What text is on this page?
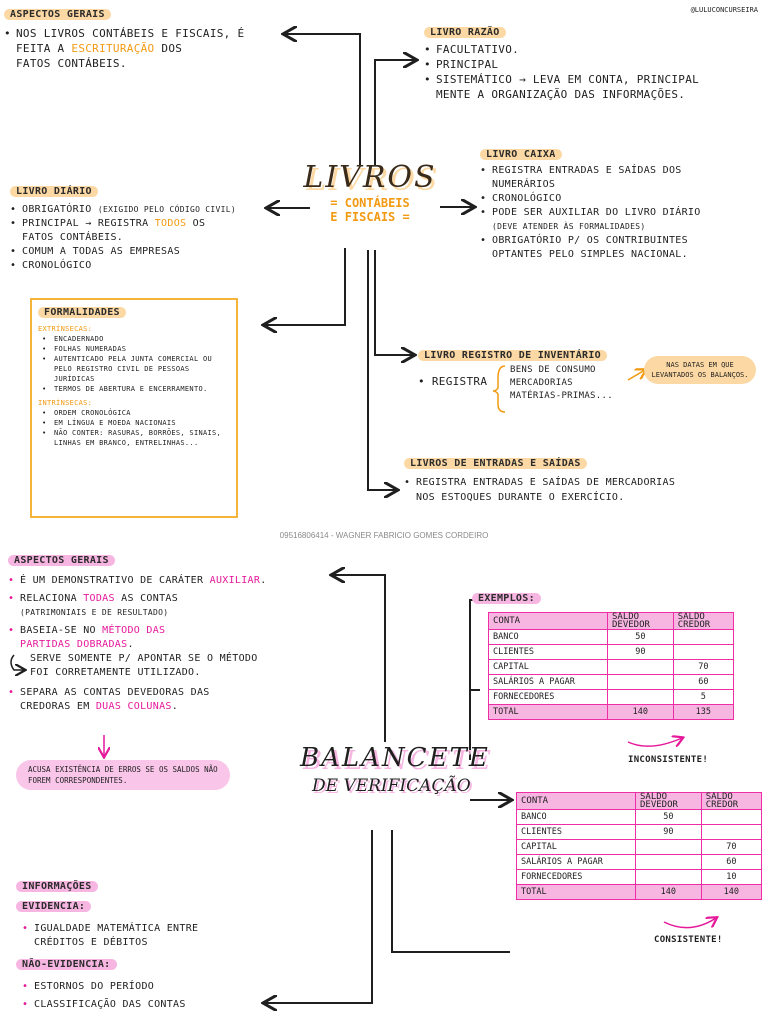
@LULUCONCURSEIRA
ASPECTOS GERAIS
• NOS LIVROS CONTÁBEIS E FISCAIS, É
FEITA A ESCRITURAÇÃO DOS
FATOS CONTÁBEIS.
LIVRO RAZÃO
• FACULTATIVO.
• PRINCIPAL
• SISTEMÁTICO → LEVA EM CONTA, PRINCIPAL
MENTE A ORGANIZAÇÃO DAS INFORMAÇÕES.
LIVROS
= CONTÁBEIS
E FISCAIS =
LIVRO CAIXA
• REGISTRA ENTRADAS E SAÍDAS DOS
NUMERÁRIOS
• CRONOLÓGICO
• PODE SER AUXILIAR DO LIVRO DIÁRIO
(DEVE ATENDER ÀS FORMALIDADES)
• OBRIGATÓRIO P/ OS CONTRIBUINTES
OPTANTES PELO SIMPLES NACIONAL.
LIVRO DIÁRIO
• OBRIGATÓRIO (EXIGIDO PELO CÓDIGO CIVIL)
• PRINCIPAL → REGISTRA TODOS OS
FATOS CONTÁBEIS.
• COMUM A TODAS AS EMPRESAS
• CRONOLÓGICO
FORMALIDADES
EXTRÍNSECAS:
• ENCADERNADO
• FOLHAS NUMERADAS
• AUTENTICADO PELA JUNTA COMERCIAL OU PELO REGISTRO CIVIL DE PESSOAS JURÍDICAS
• TERMOS DE ABERTURA E ENCERRAMENTO.
INTRÍNSECAS:
• ORDEM CRONOLÓGICA
• EM LÍNGUA E MOEDA NACIONAIS
• NÃO CONTER: RASURAS, BORRÕES, SINAIS, LINHAS EM BRANCO, ENTRELINHAS...
LIVRO REGISTRO DE INVENTÁRIO
• REGISTRA
BENS DE CONSUMO
MERCADORIAS
MATÉRIAS-PRIMAS...
NAS DATAS EM QUE LEVANTADOS OS BALANÇOS.
LIVROS DE ENTRADAS E SAÍDAS
• REGISTRA ENTRADAS E SAÍDAS DE MERCADORIAS
NOS ESTOQUES DURANTE O EXERCÍCIO.
09516806414 - WAGNER FABRICIO GOMES CORDEIRO
ASPECTOS GERAIS
• É UM DEMONSTRATIVO DE CARÁTER AUXILIAR.
• RELACIONA TODAS AS CONTAS
(PATRIMONIAIS E DE RESULTADO)
• BASEIA-SE NO MÉTODO DAS
PARTIDAS DOBRADAS.
SERVE SOMENTE P/ APONTAR SE O MÉTODO
FOI CORRETAMENTE UTILIZADO.
• SEPARA AS CONTAS DEVEDORAS DAS
CREDORAS EM DUAS COLUNAS.
ACUSA EXISTÊNCIA DE ERROS SE OS SALDOS NÃO FOREM CORRESPONDENTES.
BALANCETE
DE VERIFICAÇÃO
EXEMPLOS:
CONTA	SALDO DEVEDOR	SALDO CREDOR
BANCO	50	
CLIENTES	90	
CAPITAL		70
SALÁRIOS A PAGAR		60
FORNECEDORES		5
TOTAL	140	135
INCONSISTENTE!
CONTA	SALDO DEVEDOR	SALDO CREDOR
BANCO	50	
CLIENTES	90	
CAPITAL		70
SALÁRIOS A PAGAR		60
FORNECEDORES		10
TOTAL	140	140
CONSISTENTE!
INFORMAÇÕES
EVIDENCIA:
• IGUALDADE MATEMÁTICA ENTRE
CRÉDITOS E DÉBITOS
NÃO-EVIDENCIA:
• ESTORNOS DO PERÍODO
• CLASSIFICAÇÃO DAS CONTAS
